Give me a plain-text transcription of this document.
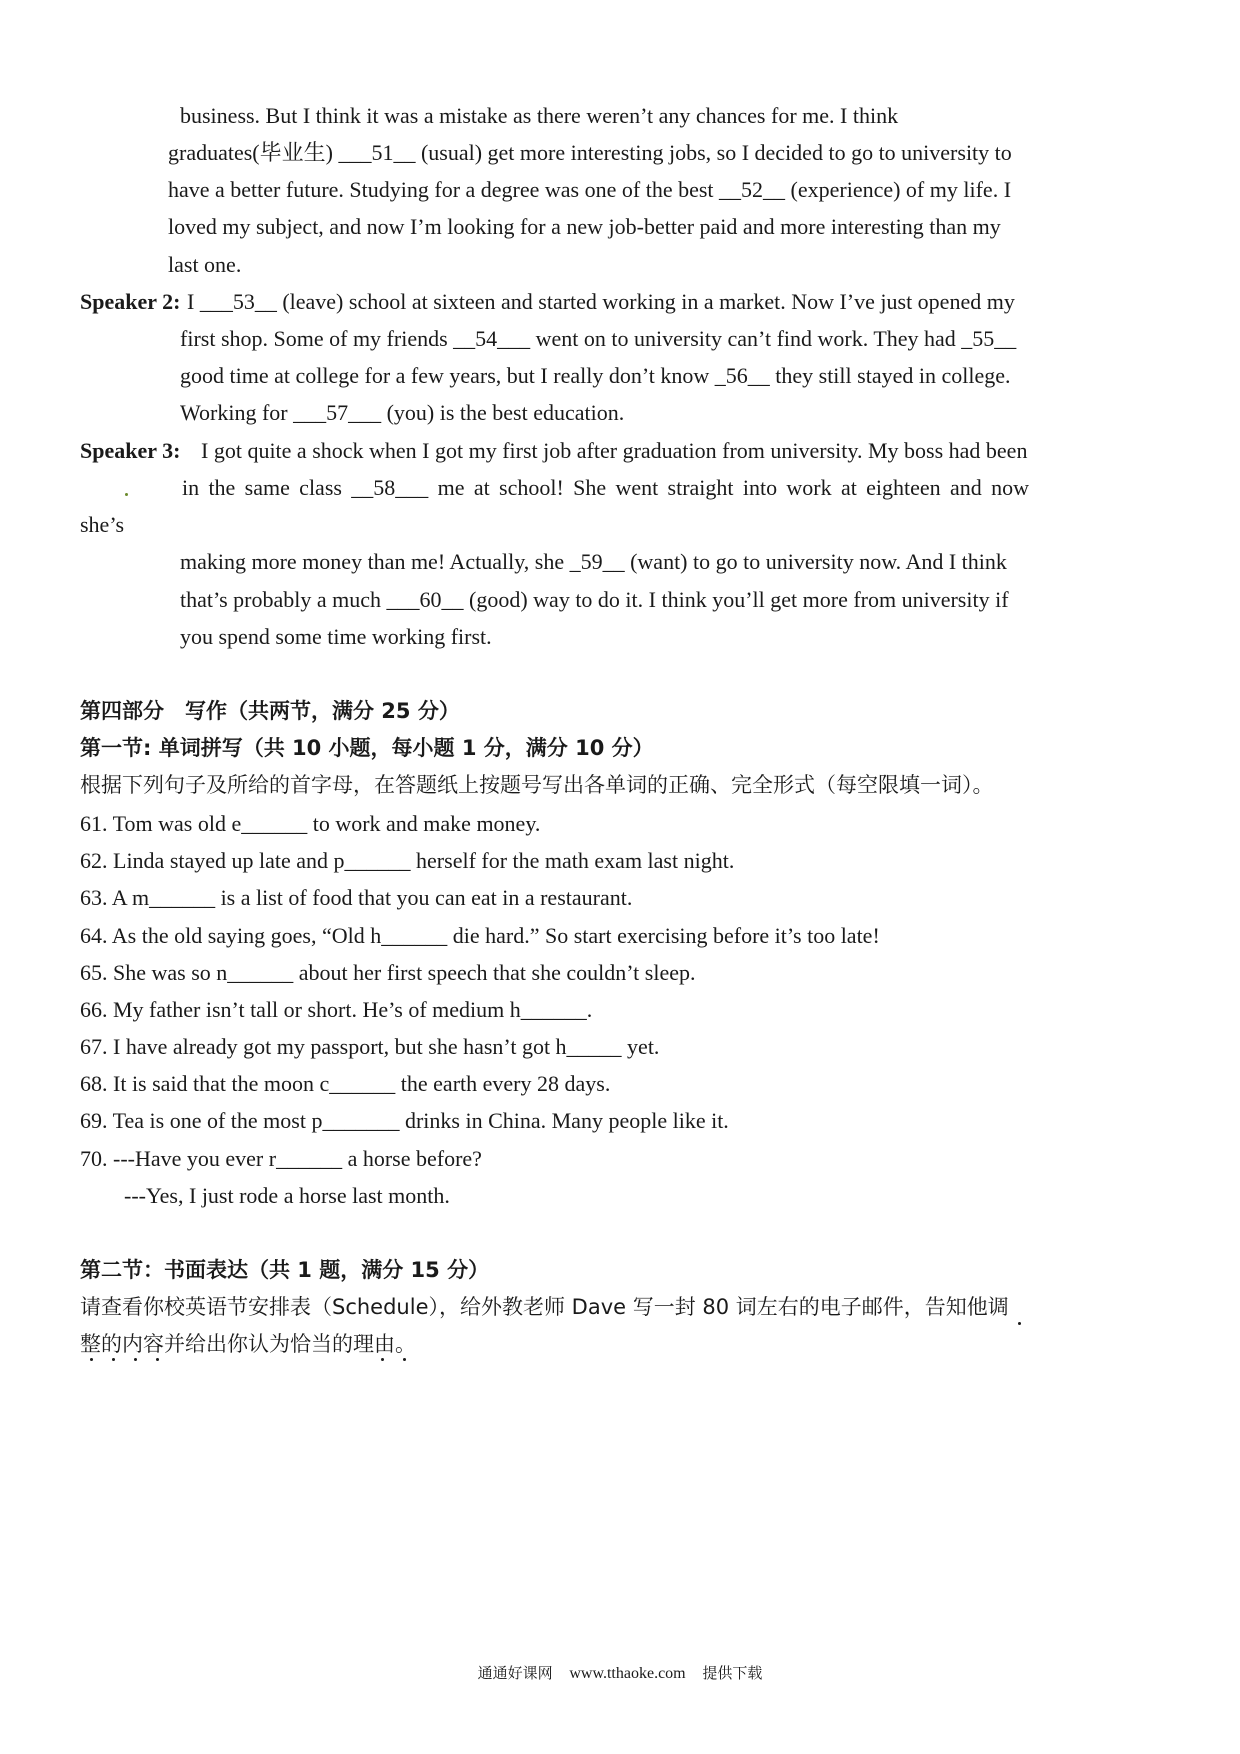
business. But I think it was a mistake as there weren’t any chances for me. I think
graduates(毕业生) ___51__ (usual) get more interesting jobs, so I decided to go to university to
have a better future. Studying for a degree was one of the best __52__ (experience) of my life. I
loved my subject, and now I’m looking for a new job-better paid and more interesting than my
last one.
Speaker 2: I ___53__ (leave) school at sixteen and started working in a market. Now I’ve just opened my
first shop. Some of my friends __54___ went on to university can’t find work. They had _55__
good time at college for a few years, but I really don’t know _56__ they still stayed in college.
Working for ___57___ (you) is the best education.
Speaker 3: I got quite a shock when I got my first job after graduation from university. My boss had been
in the same class __58___ me at school! She went straight into work at eighteen and now
she’s
making more money than me! Actually, she _59__ (want) to go to university now. And I think
that’s probably a much ___60__ (good) way to do it. I think you’ll get more from university if
you spend some time working first.
第四部分　写作（共两节，满分 25 分）
第一节: 单词拼写（共 10 小题，每小题 1 分，满分 10 分）
根据下列句子及所给的首字母，在答题纸上按题号写出各单词的正确、完全形式（每空限填一词）。
61. Tom was old e______ to work and make money.
62. Linda stayed up late and p______ herself for the math exam last night.
63. A m______ is a list of food that you can eat in a restaurant.
64. As the old saying goes, “Old h______ die hard.” So start exercising before it’s too late!
65. She was so n______ about her first speech that she couldn’t sleep.
66. My father isn’t tall or short. He’s of medium h______.
67. I have already got my passport, but she hasn’t got h_____ yet.
68. It is said that the moon c______ the earth every 28 days.
69. Tea is one of the most p_______ drinks in China. Many people like it.
70. ---Have you ever r______ a horse before?
---Yes, I just rode a horse last month.
第二节：书面表达（共 1 题，满分 15 分）
请查看你校英语节安排表（Schedule），给外教老师 Dave 写一封 80 词左右的电子邮件，告知他调
整的内容并给出你认为恰当的理由。
通通好课网 www.tthaoke.com 提供下载
